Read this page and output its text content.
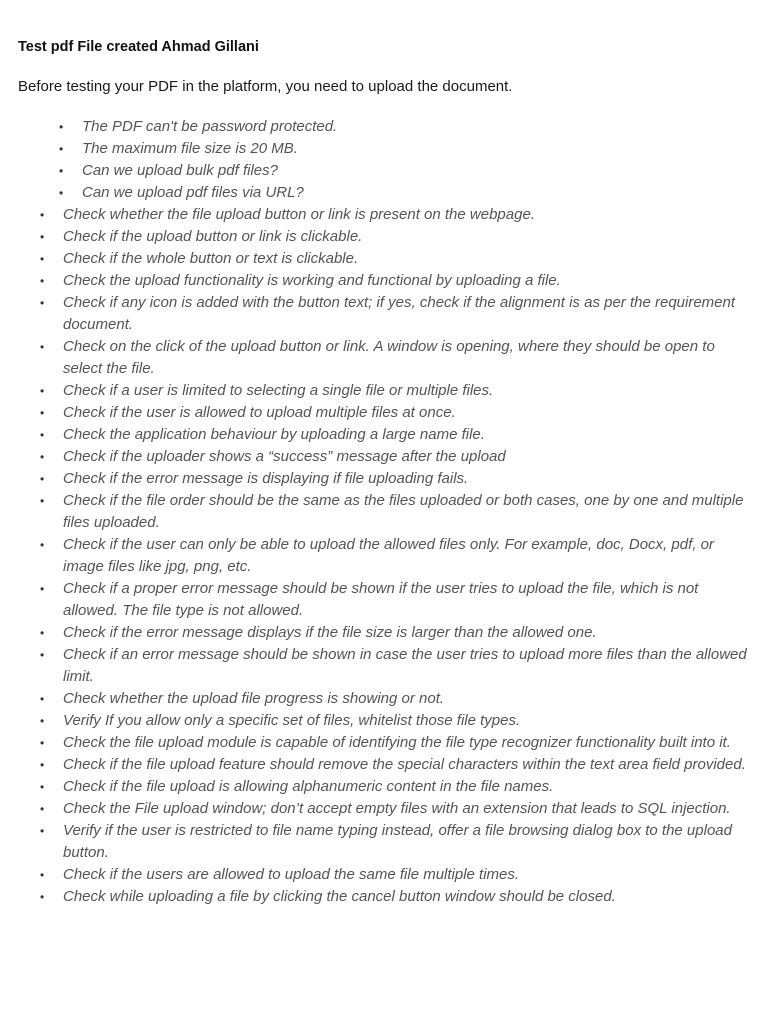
Test pdf File created Ahmad Gillani
Before testing your PDF in the platform, you need to upload the document.
• The PDF can't be password protected.
• The maximum file size is 20 MB.
• Can we upload bulk pdf files?
• Can we upload pdf files via URL?
• Check whether the file upload button or link is present on the webpage.
• Check if the upload button or link is clickable.
• Check if the whole button or text is clickable.
• Check the upload functionality is working and functional by uploading a file.
• Check if any icon is added with the button text; if yes, check if the alignment is as per the requirement document.
• Check on the click of the upload button or link. A window is opening, where they should be open to select the file.
• Check if a user is limited to selecting a single file or multiple files.
• Check if the user is allowed to upload multiple files at once.
• Check the application behaviour by uploading a large name file.
• Check if the uploader shows a “success” message after the upload
• Check if the error message is displaying if file uploading fails.
• Check if the file order should be the same as the files uploaded or both cases, one by one and multiple files uploaded.
• Check if the user can only be able to upload the allowed files only. For example, doc, Docx, pdf, or image files like jpg, png, etc.
• Check if a proper error message should be shown if the user tries to upload the file, which is not allowed. The file type is not allowed.
• Check if the error message displays if the file size is larger than the allowed one.
• Check if an error message should be shown in case the user tries to upload more files than the allowed limit.
• Check whether the upload file progress is showing or not.
• Verify If you allow only a specific set of files, whitelist those file types.
• Check the file upload module is capable of identifying the file type recognizer functionality built into it.
• Check if the file upload feature should remove the special characters within the text area field provided.
• Check if the file upload is allowing alphanumeric content in the file names.
• Check the File upload window; don’t accept empty files with an extension that leads to SQL injection.
• Verify if the user is restricted to file name typing instead, offer a file browsing dialog box to the upload button.
• Check if the users are allowed to upload the same file multiple times.
• Check while uploading a file by clicking the cancel button window should be closed.
